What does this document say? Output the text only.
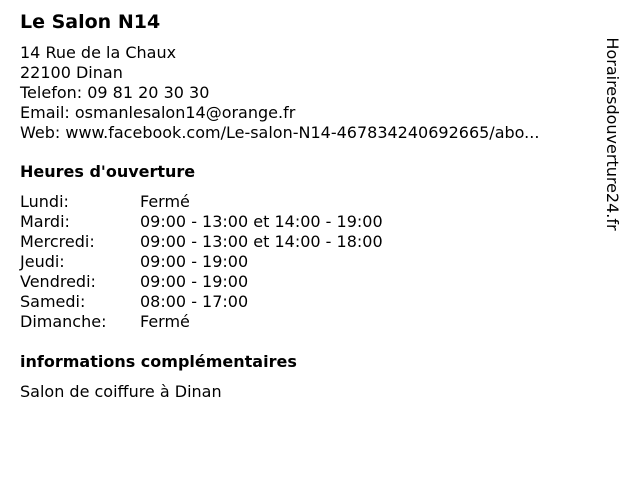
Le Salon N14
14 Rue de la Chaux
22100 Dinan
Telefon: 09 81 20 30 30
Email: osmanlesalon14@orange.fr
Web: www.facebook.com/Le-salon-N14-467834240692665/abo...
Heures d'ouverture
Lundi:	Fermé
Mardi:	09:00 - 13:00 et 14:00 - 19:00
Mercredi:	09:00 - 13:00 et 14:00 - 18:00
Jeudi:	09:00 - 19:00
Vendredi:	09:00 - 19:00
Samedi:	08:00 - 17:00
Dimanche:	Fermé
informations complémentaires
Salon de coiffure à Dinan
Horairesdouverture24.fr
